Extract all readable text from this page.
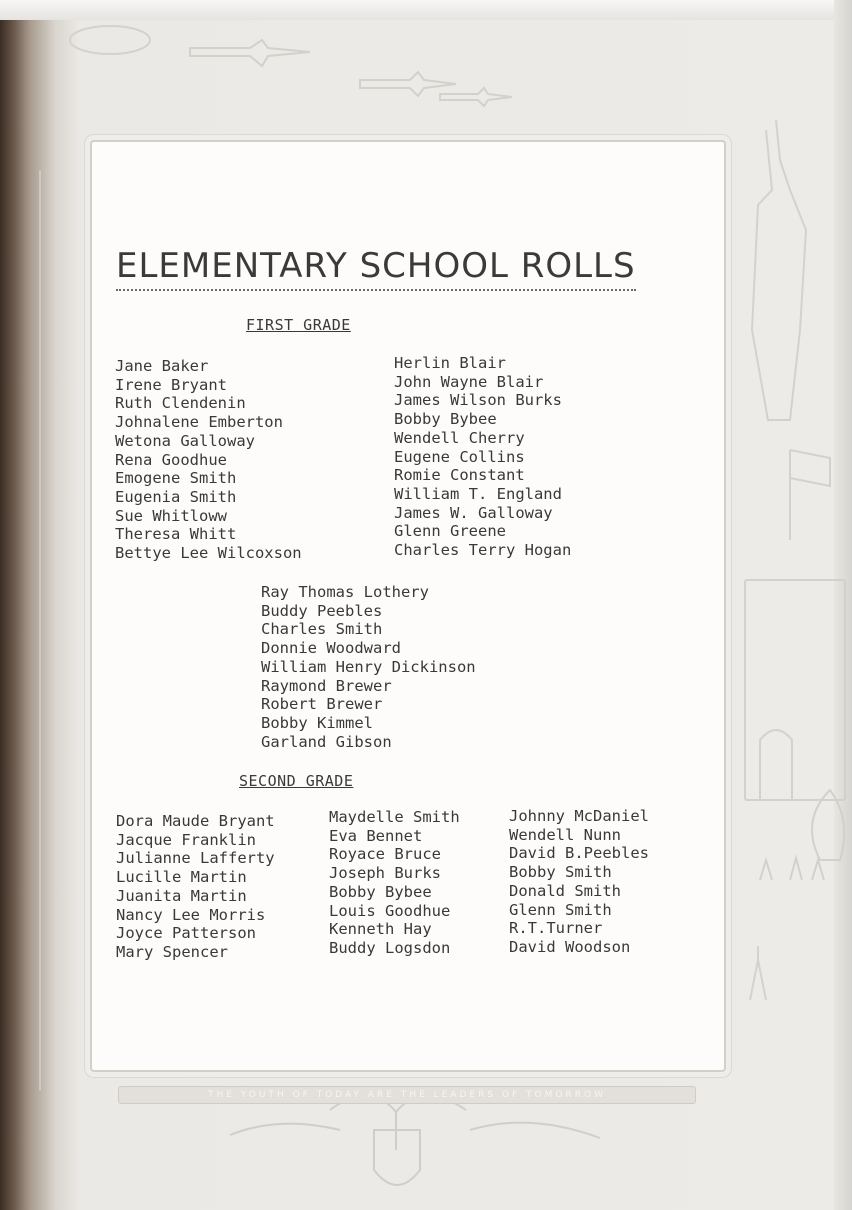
ELEMENTARY SCHOOL ROLLS
FIRST GRADE
Jane Baker
Irene Bryant
Ruth Clendenin
Johnalene Emberton
Wetona Galloway
Rena Goodhue
Emogene Smith
Eugenia Smith
Sue Whitloww
Theresa Whitt
Bettye Lee Wilcoxson
Herlin Blair
John Wayne Blair
James Wilson Burks
Bobby Bybee
Wendell Cherry
Eugene Collins
Romie Constant
William T. England
James W. Galloway
Glenn Greene
Charles Terry Hogan
Ray Thomas Lothery
Buddy Peebles
Charles Smith
Donnie Woodward
William Henry Dickinson
Raymond Brewer
Robert Brewer
Bobby Kimmel
Garland Gibson
SECOND GRADE
Dora Maude Bryant
Jacque Franklin
Julianne Lafferty
Lucille Martin
Juanita Martin
Nancy Lee Morris
Joyce Patterson
Mary Spencer
Maydelle Smith
Eva Bennet
Royace Bruce
Joseph Burks
Bobby Bybee
Louis Goodhue
Kenneth Hay
Buddy Logsdon
Johnny McDaniel
Wendell Nunn
David B.Peebles
Bobby Smith
Donald Smith
Glenn Smith
R.T.Turner
David Woodson
THE YOUTH OF TODAY ARE THE LEADERS OF TOMORROW
